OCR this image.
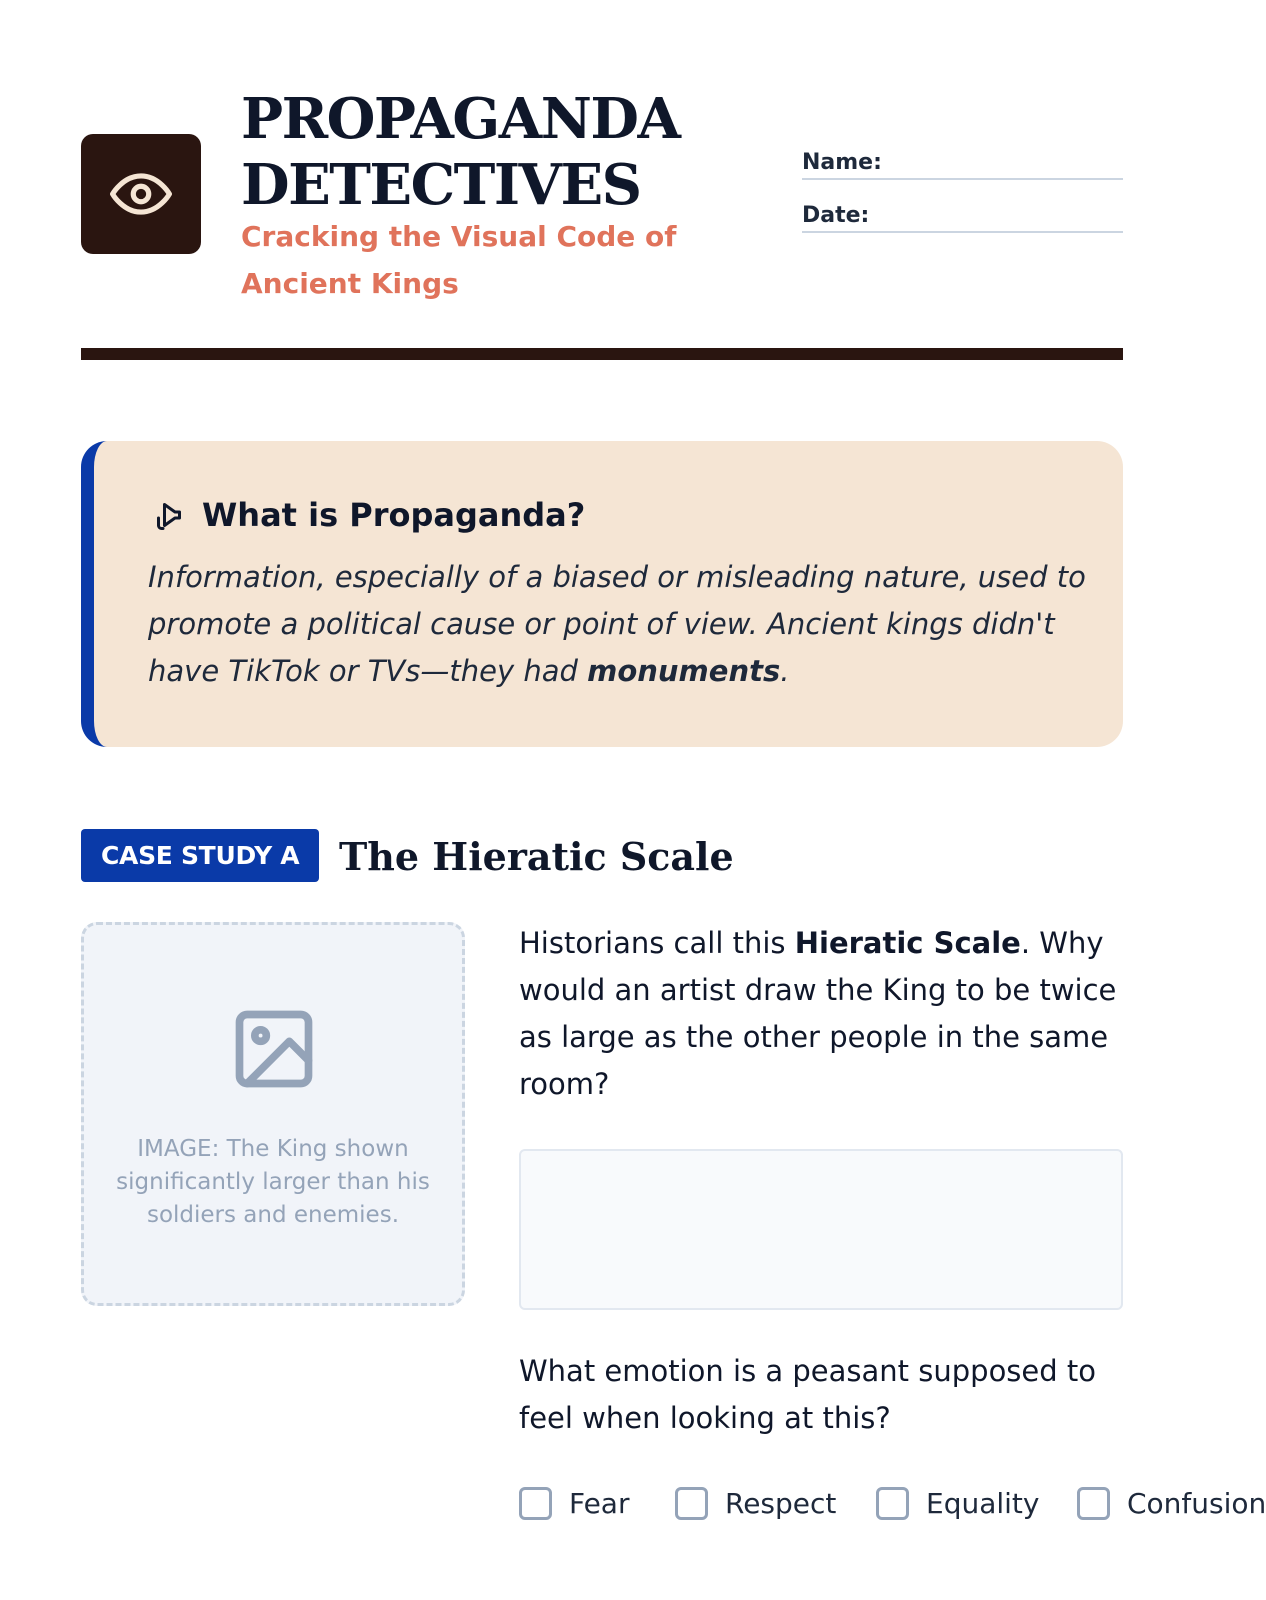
PROPAGANDA
DETECTIVES
Cracking the Visual Code of Ancient Kings
Name:
Date:
What is Propaganda?
Information, especially of a biased or misleading nature, used to promote a political cause or point of view. Ancient kings didn't have TikTok or TVs—they had monuments.
CASE STUDY A	The Hieratic Scale
IMAGE: The King shown significantly larger than his soldiers and enemies.
Historians call this Hieratic Scale. Why would an artist draw the King to be twice as large as the other people in the same room?
What emotion is a peasant supposed to feel when looking at this?
Fear	Respect	Equality	Confusion
